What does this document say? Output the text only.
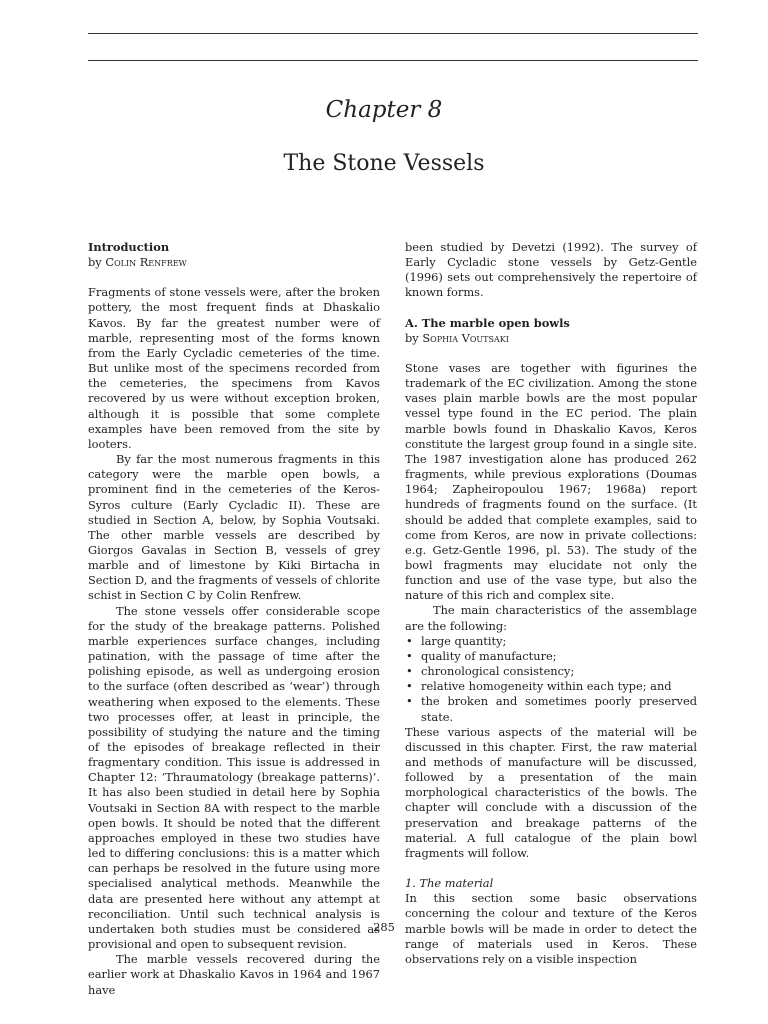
Chapter 8
The Stone Vessels

Introduction

by Colin Renfrew

Fragments of stone vessels were, after the broken pottery, the most frequent finds at Dhaskalio Kavos. By far the greatest number were of marble, representing most of the forms known from the Early Cycladic cemeteries of the time. But unlike most of the specimens recorded from the cemeteries, the specimens from Kavos recovered by us were without exception broken, although it is possible that some complete examples have been removed from the site by looters.

By far the most numerous fragments in this category were the marble open bowls, a prominent find in the cemeteries of the Keros-Syros culture (Early Cycladic II). These are studied in Section A, below, by Sophia Voutsaki. The other marble vessels are described by Giorgos Gavalas in Section B, vessels of grey marble and of limestone by Kiki Birtacha in Section D, and the fragments of vessels of chlorite schist in Section C by Colin Renfrew.

The stone vessels offer considerable scope for the study of the breakage patterns. Polished marble experiences surface changes, including patination, with the passage of time after the polishing episode, as well as undergoing erosion to the surface (often described as ‘wear’) through weathering when exposed to the elements. These two processes offer, at least in principle, the possibility of studying the nature and the timing of the episodes of breakage reflected in their fragmentary condition. This issue is addressed in Chapter 12: ‘Thraumatology (breakage patterns)’. It has also been studied in detail here by Sophia Voutsaki in Section 8A with respect to the marble open bowls. It should be noted that the different approaches employed in these two studies have led to differing conclusions: this is a matter which can perhaps be resolved in the future using more specialised analytical methods. Meanwhile the data are presented here without any attempt at reconciliation. Until such technical analysis is undertaken both studies must be considered as provisional and open to subsequent revision.

The marble vessels recovered during the earlier work at Dhaskalio Kavos in 1964 and 1967 have

been studied by Devetzi (1992). The survey of Early Cycladic stone vessels by Getz-Gentle (1996) sets out comprehensively the repertoire of known forms.

A. The marble open bowls

by Sophia Voutsaki

Stone vases are together with figurines the trademark of the EC civilization. Among the stone vases plain marble bowls are the most popular vessel type found in the EC period. The plain marble bowls found in Dhaskalio Kavos, Keros constitute the largest group found in a single site. The 1987 investigation alone has produced 262 fragments, while previous explorations (Doumas 1964; Zapheiropoulou 1967; 1968a) report hundreds of fragments found on the surface. (It should be added that complete examples, said to come from Keros, are now in private collections: e.g. Getz-Gentle 1996, pl. 53). The study of the bowl fragments may elucidate not only the function and use of the vase type, but also the nature of this rich and complex site.

The main characteristics of the assemblage are the following:

• large quantity;
• quality of manufacture;
• chronological consistency;
• relative homogeneity within each type; and
• the broken and sometimes poorly preserved state.

These various aspects of the material will be discussed in this chapter. First, the raw material and methods of manufacture will be discussed, followed by a presentation of the main morphological characteristics of the bowls. The chapter will conclude with a discussion of the preservation and breakage patterns of the material. A full catalogue of the plain bowl fragments will follow.

1. The material

In this section some basic observations concerning the colour and texture of the Keros marble bowls will be made in order to detect the range of materials used in Keros. These observations rely on a visible inspection

285
